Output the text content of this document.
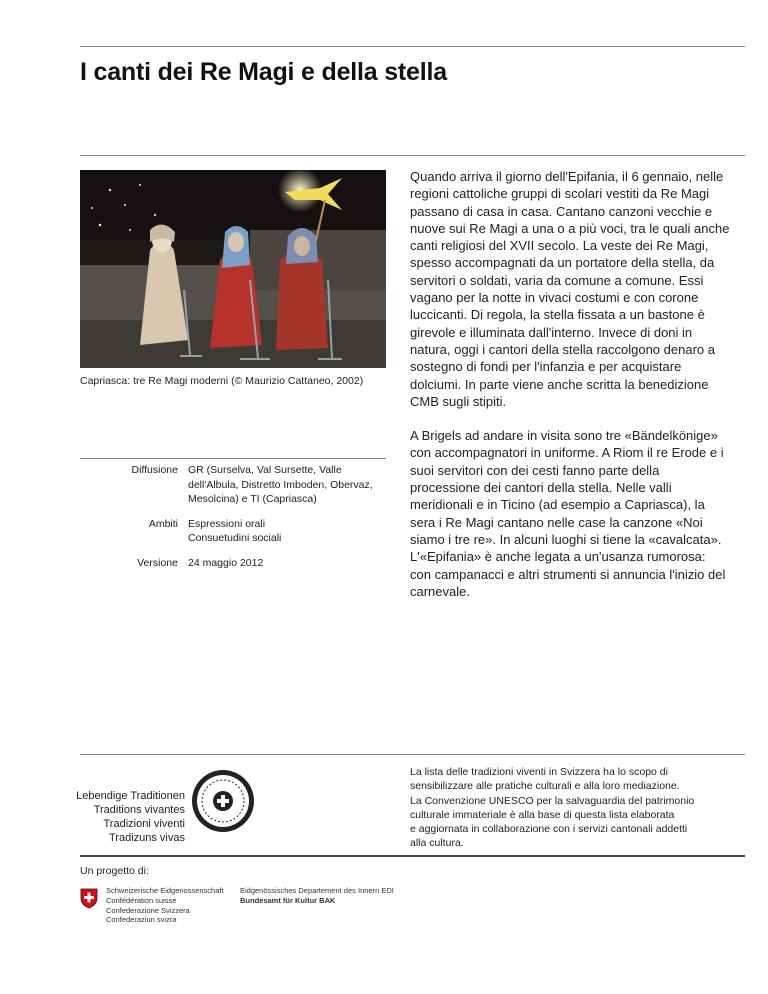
I canti dei Re Magi e della stella
Capriasca: tre Re Magi moderni (© Maurizio Cattaneo, 2002)
Diffusione GR (Surselva, Val Sursette, Valle
dell'Albula, Distretto Imboden, Obervaz,
Mesolcina) e TI (Capriasca)
Ambiti Espressioni orali
Consuetudini sociali
Versione 24 maggio 2012

Quando arriva il giorno dell'Epifania, il 6 gennaio, nelle regioni cattoliche gruppi di scolari vestiti da Re Magi passano di casa in casa. Cantano canzoni vecchie e nuove sui Re Magi a una o a più voci, tra le quali anche canti religiosi del XVII secolo. La veste dei Re Magi, spesso accompagnati da un portatore della stella, da servitori o soldati, varia da comune a comune. Essi vagano per la notte in vivaci costumi e con corone luccicanti. Di regola, la stella fissata a un bastone è girevole e illuminata dall'interno. Invece di doni in natura, oggi i cantori della stella raccolgono denaro a sostegno di fondi per l'infanzia e per acquistare dolciumi. In parte viene anche scritta la benedizione CMB sugli stipiti.

A Brigels ad andare in visita sono tre «Bändelkönige» con accompagnatori in uniforme. A Riom il re Erode e i suoi servitori con dei cesti fanno parte della processione dei cantori della stella. Nelle valli meridionali e in Ticino (ad esempio a Capriasca), la sera i Re Magi cantano nelle case la canzone «Noi siamo i tre re». In alcuni luoghi si tiene la «cavalcata». L'«Epifania» è anche legata a un'usanza rumorosa: con campanacci e altri strumenti si annuncia l'inizio del carnevale.

Lebendige Traditionen
Traditions vivantes
Tradizioni viventi
Tradizuns vivas
La lista delle tradizioni viventi in Svizzera ha lo scopo di
sensibilizzare alle pratiche culturali e alla loro mediazione.
La Convenzione UNESCO per la salvaguardia del patrimonio
culturale immateriale è alla base di questa lista elaborata
e aggiornata in collaborazione con i servizi cantonali addetti
alla cultura.
Un progetto di:
Schweizerische Eidgenossenschaft
Confédération suisse
Confederazione Svizzera
Confederaziun svizra
Eidgenössisches Departement des Innern EDI
Bundesamt für Kultur BAK
